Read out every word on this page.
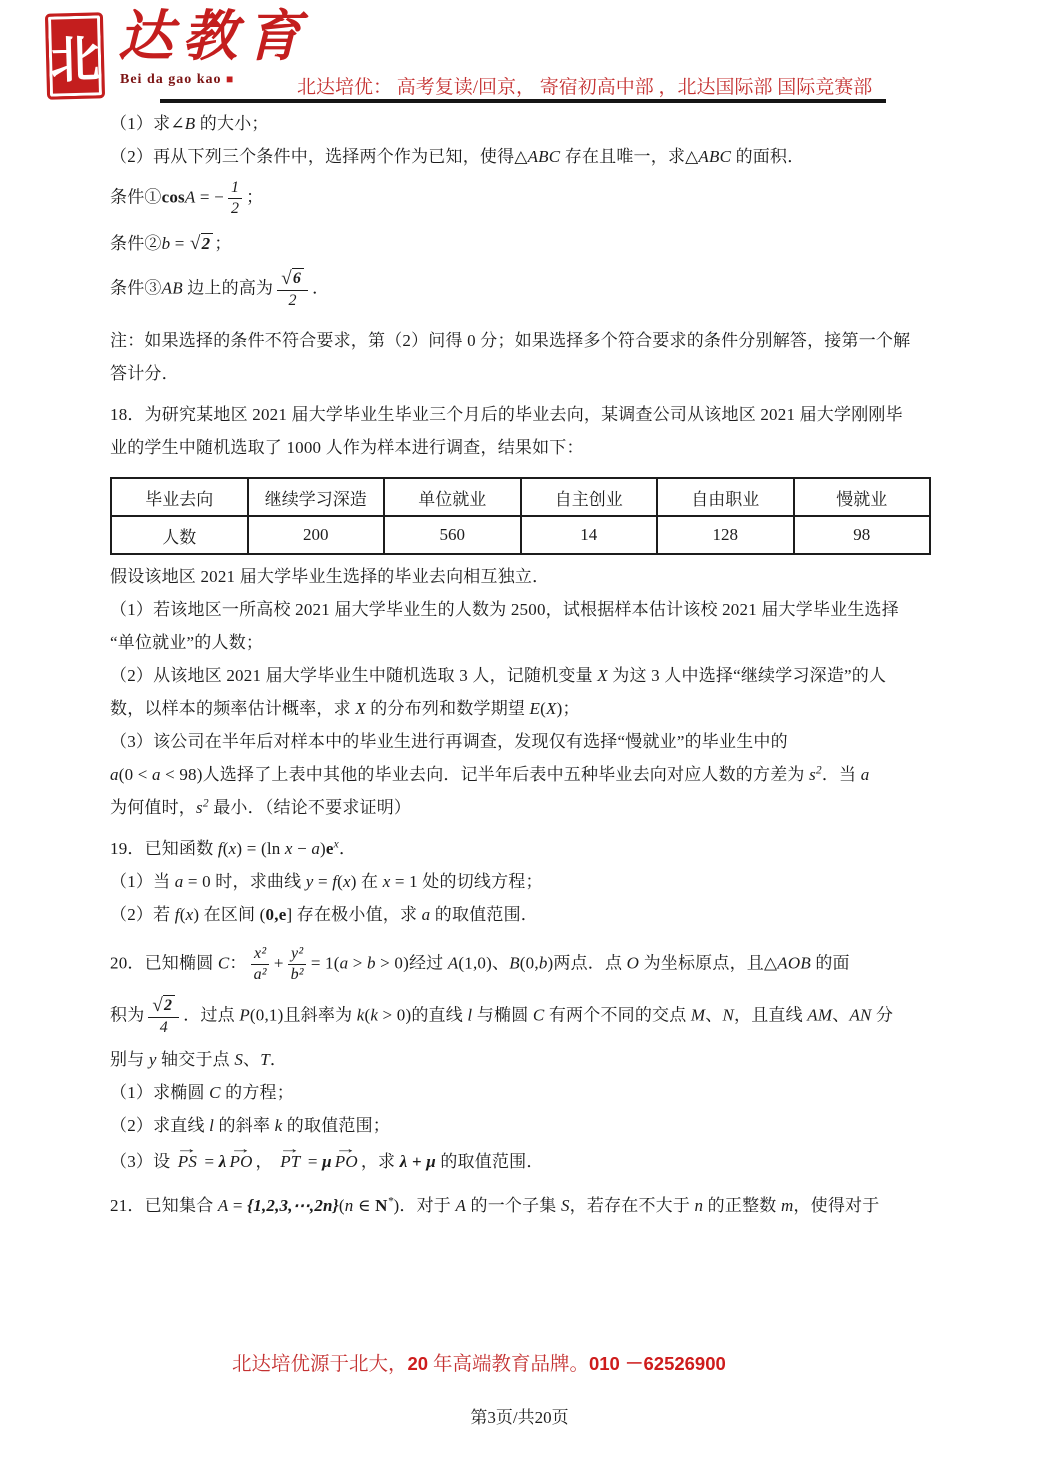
北 达教育
Bei da gao kao ■	北达培优： 高考复读/回京， 寄宿初高中部 ，北达国际部 国际竞赛部
（1）求∠B 的大小；
（2）再从下列三个条件中，选择两个作为已知，使得△ABC 存在且唯一，求△ABC 的面积．
条件①cosA = − $\frac{1}{2}$ ；
条件②b = √ 2 ；
条件③AB 边上的高为 $\frac{√ 6}{2}$ ．
注：如果选择的条件不符合要求，第（2）问得 0 分；如果选择多个符合要求的条件分别解答，接第一个解
答计分．
18．为研究某地区 2021 届大学毕业生毕业三个月后的毕业去向，某调查公司从该地区 2021 届大学刚刚毕
业的学生中随机选取了 1000 人作为样本进行调查，结果如下：
毕业去向	继续学习深造	单位就业	自主创业	自由职业	慢就业
人数	200	560	14	128	98
假设该地区 2021 届大学毕业生选择的毕业去向相互独立．
（1）若该地区一所高校 2021 届大学毕业生的人数为 2500，试根据样本估计该校 2021 届大学毕业生选择
“单位就业”的人数；
（2）从该地区 2021 届大学毕业生中随机选取 3 人，记随机变量 X 为这 3 人中选择“继续学习深造”的人
数，以样本的频率估计概率，求 X 的分布列和数学期望 E(X)；
（3）该公司在半年后对样本中的毕业生进行再调查，发现仅有选择“慢就业”的毕业生中的
a(0 < a < 98)人选择了上表中其他的毕业去向．记半年后表中五种毕业去向对应人数的方差为 $s^2$．当 a
为何值时，$s^2$ 最小．（结论不要求证明）
19．已知函数 f(x) = (ln $x - a)e^x$．
（1）当 a = 0 时，求曲线 y = f(x) 在 x = 1 处的切线方程；
（2）若 f(x) 在区间 (0,e] 存在极小值，求 a 的取值范围．
20．已知椭圆 C： $\frac{\text{x²}}{\text{a²}} + \frac{\text{y²}}{\text{b²}} = 1(a > b > 0)$经过 A(1,0)、B(0,b)两点．点 O 为坐标原点，且△AOB 的面
积为 $\frac{√ 2}{4}$ ．过点 P(0,1)且斜率为 k(k > 0)的直线 l 与椭圆 C 有两个不同的交点 M、N，且直线 AM、AN 分
别与 y 轴交于点 S、T．
（1）求椭圆 C 的方程；
（2）求直线 l 的斜率 k 的取值范围；
（3）设 → PS = λ → PO ， → PT = μ → PO ，求 λ + μ 的取值范围．
21．已知集合 A = {1,2,3,⋯,2n}(n ∈ N*)．对于 A 的一个子集 S，若存在不大于 n 的正整数 m，使得对于
北达培优源于北大，20 年高端教育品牌。010 －62526900
第3页/共20页
